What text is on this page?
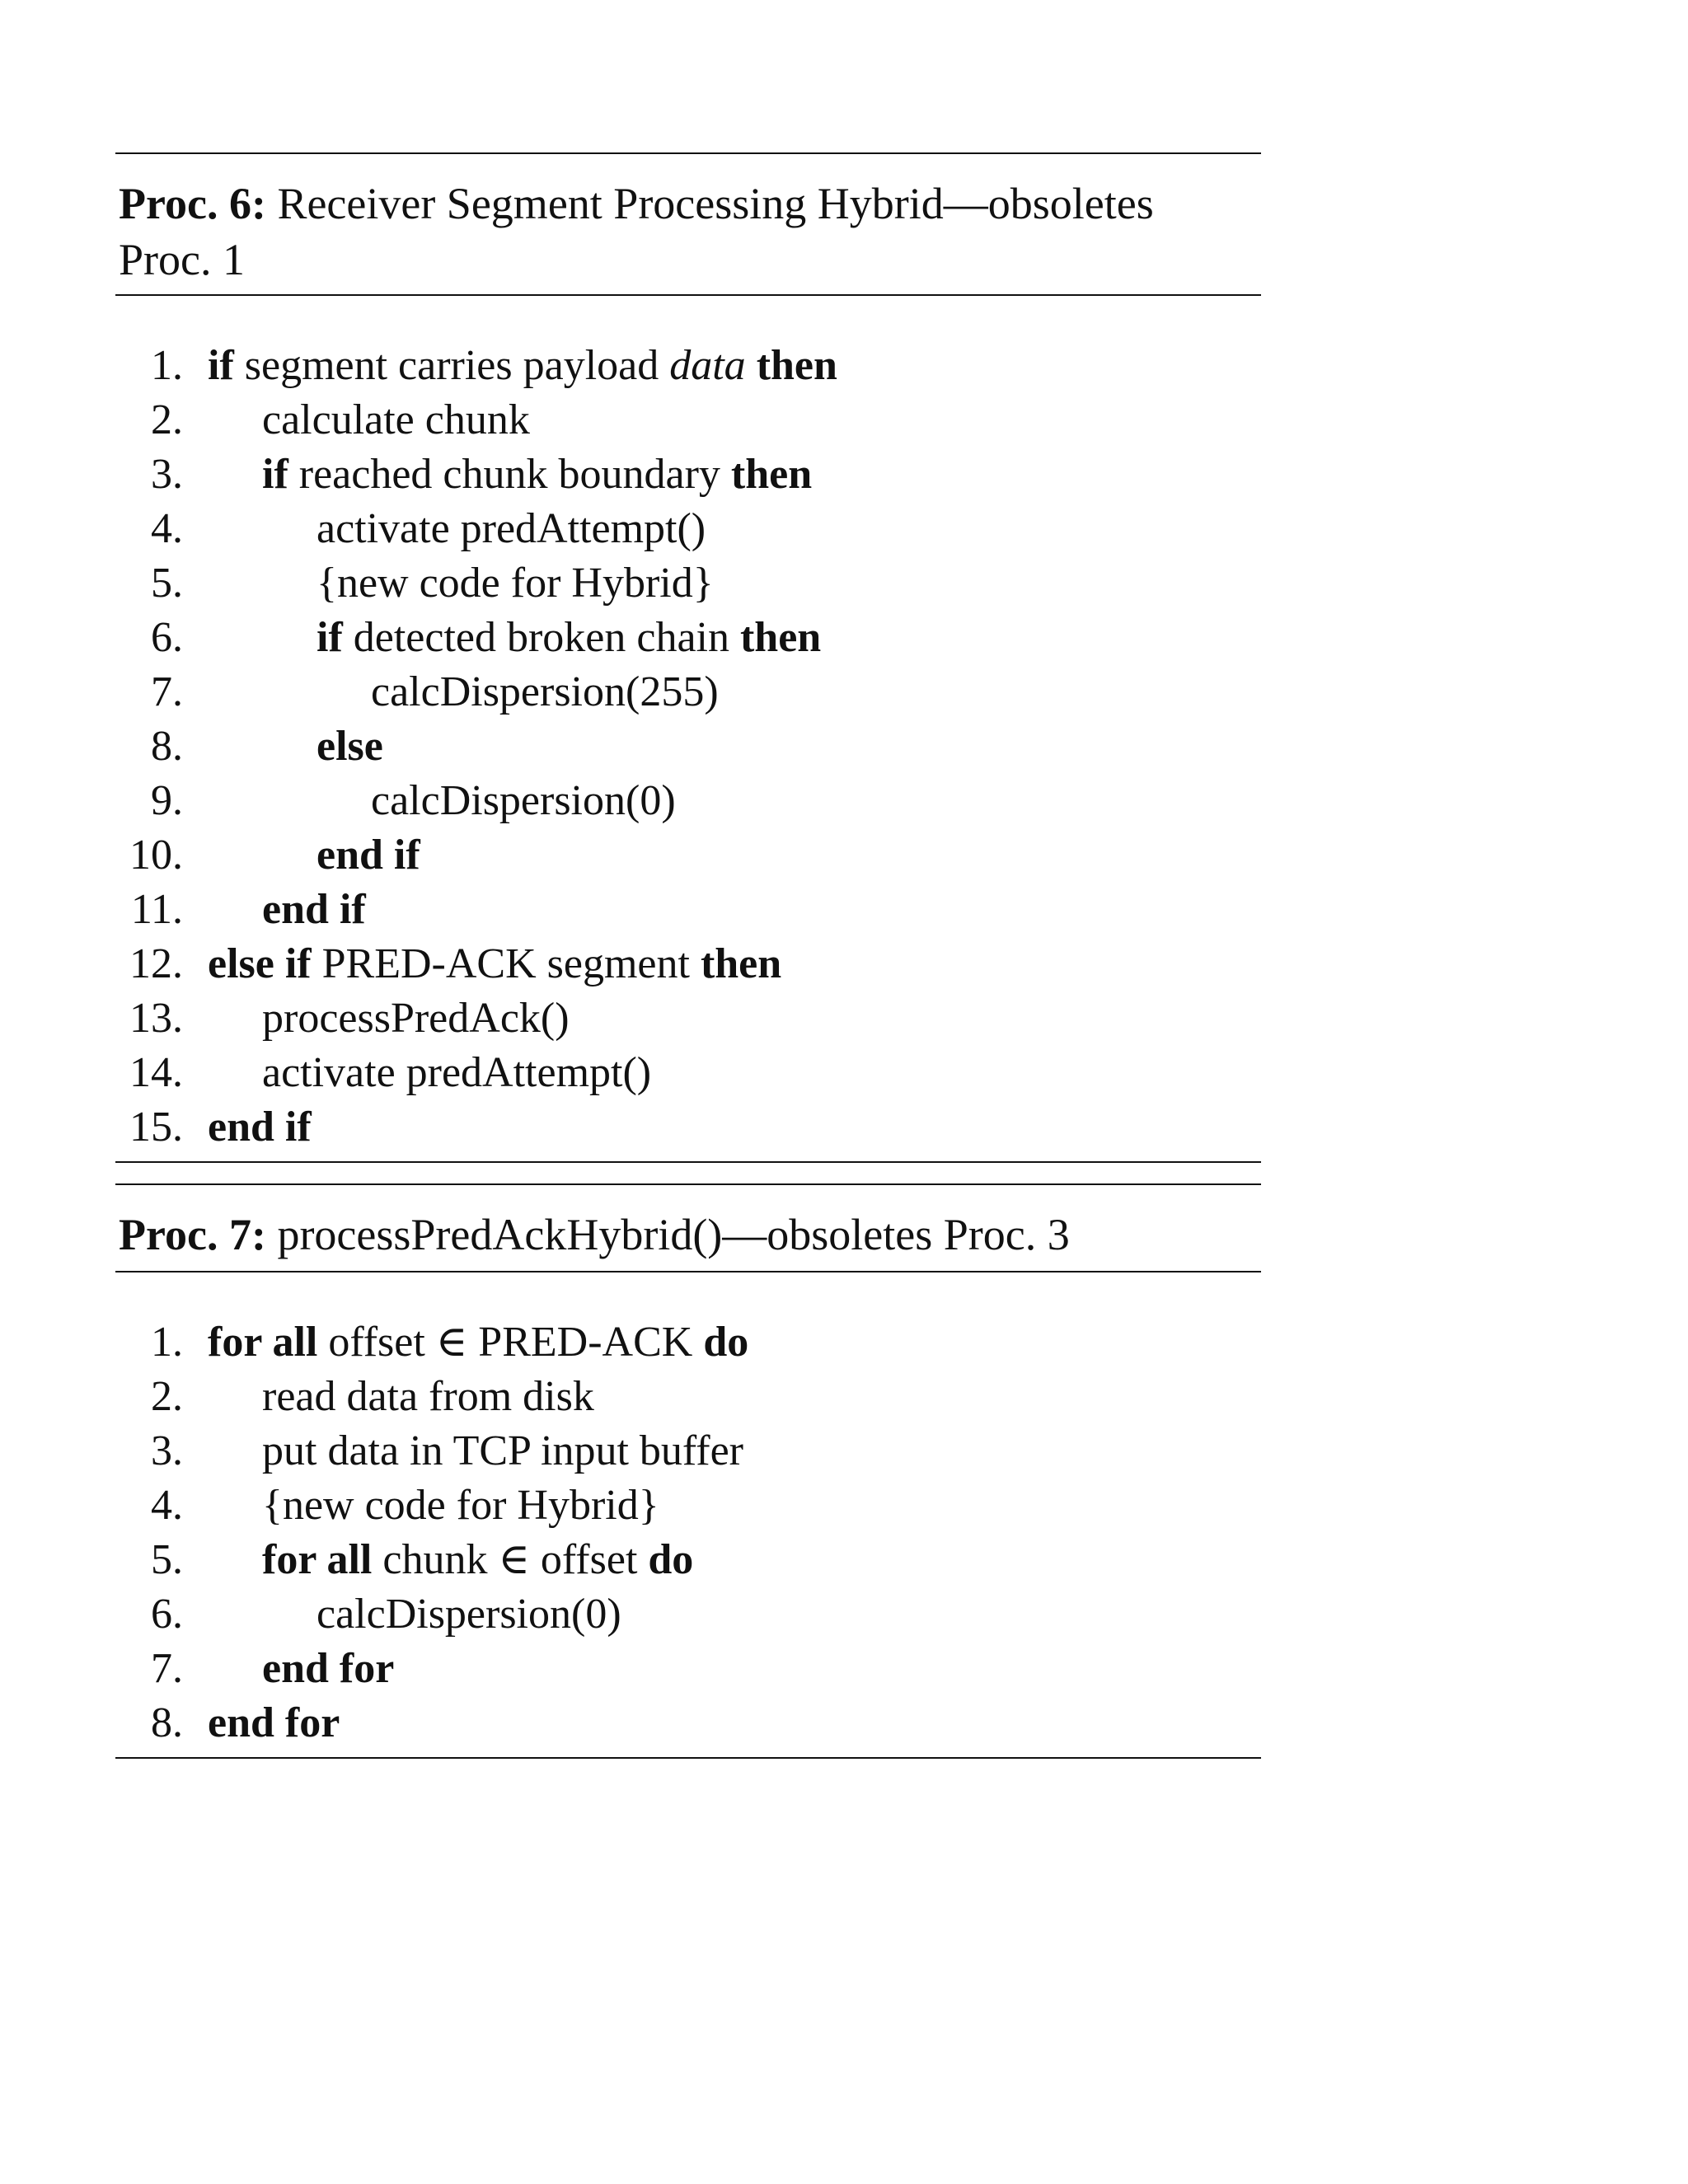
Proc. 6: Receiver Segment Processing Hybrid—obsoletes
Proc. 1
1. if segment carries payload data then
2. calculate chunk
3. if reached chunk boundary then
4.	activate predAttempt()
5.	{new code for Hybrid}
6.	if detected broken chain then
7.	calcDispersion(255)
8.	else
9.	calcDispersion(0)
10.	end if
11. end if
12. else if PRED-ACK segment then
13. processPredAck()
14. activate predAttempt()
15. end if
Proc. 7: processPredAckHybrid()—obsoletes Proc. 3
1. for all offset ∈ PRED-ACK do
2. read data from disk
3. put data in TCP input buffer
4. {new code for Hybrid}
5. for all chunk ∈ offset do
6.	calcDispersion(0)
7. end for
8. end for
